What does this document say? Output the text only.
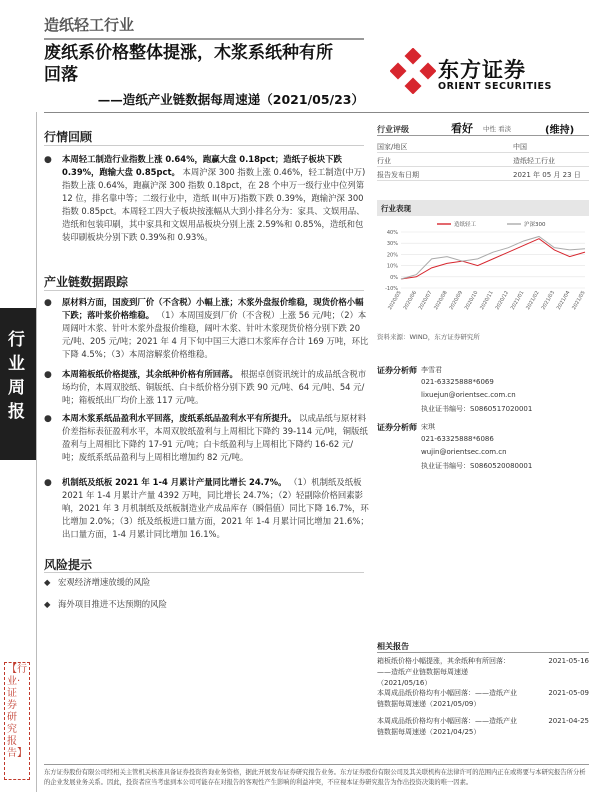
造纸轻工行业
废纸系价格整体提涨，木浆系纸种有所
回落
——造纸产业链数据每周速递（2021/05/23）
东方证券
ORIENT SECURITIES
行业周报
【行业·证券研究报告】
行情回顾
● 本周轻工制造行业指数上涨 0.64%，跑赢大盘 0.18pct；造纸子板块下跌 0.39%，跑输大盘 0.85pct。 本周沪深 300 指数上涨 0.46%，轻工制造(中万)指数上涨 0.64%，跑赢沪深 300 指数 0.18pct，在 28 个申万一级行业中位列第 12 位，排名靠中等；二级行业中，造纸 II(申万)指数下跌 0.39%，跑输沪深 300 指数 0.85pct。本周轻工四大子板块按涨幅从大到小排名分为：家具、文娱用品、造纸和包装印刷，其中家具和文娱用品板块分别上涨 2.59%和 0.85%，造纸和包装印刷板块分别下跌 0.39%和 0.93%。
产业链数据跟踪
● 原材料方面，国废到厂价（不含税）小幅上涨；木浆外盘报价维稳，现货价格小幅下跌；落叶浆价格维稳。 （1）本周国废到厂价（不含税）上涨 56 元/吨；（2）本周阔叶木浆、针叶木浆外盘报价维稳，阔叶木浆、针叶木浆现货价格分别下跌 20 元/吨、205 元/吨；2021 年 4 月下旬中国三大港口木浆库存合计 169 万吨，环比下降 4.5%；（3）本周溶解浆价格维稳。
● 本周箱板纸价格提涨，其余纸种价格有所回落。 根据卓创资讯统计的成品纸含税市场均价，本周双胶纸、铜版纸、白卡纸价格分别下跌 90 元/吨、64 元/吨、54 元/吨；箱板纸出厂均价上涨 117 元/吨。
● 本周木浆系纸品盈利水平回落，废纸系纸品盈利水平有所提升。 以成品纸与原材料价差指标表征盈利水平，本周双胶纸盈利与上周相比下降约 39-114 元/吨，铜版纸盈利与上周相比下降约 17-91 元/吨；白卡纸盈利与上周相比下降约 16-62 元/吨；废纸系纸品盈利与上周相比增加约 82 元/吨。
● 机制纸及纸板 2021 年 1-4 月累计产量同比增长 24.7%。 （1）机制纸及纸板 2021 年 1-4 月累计产量 4392 万吨，同比增长 24.7%；（2）轻副除价格回素影响，2021 年 3 月机制纸及纸板制造业产成品库存（瞬倡值）同比下降 16.7%，环比增加 2.0%；（3）纸及纸板进口量方面，2021 年 1-4 月累计同比增加 21.6%；出口量方面，1-4 月累计同比增加 16.1%。
风险提示
◆ 宏观经济增速放缓的风险
◆ 海外项目推进不达预期的风险
行业评级	看好 中性 看淡	(维持)
国家/地区	中国
行业	造纸轻工行业
报告发布日期	2021 年 05 月 23 日
行业表现
40%
30%
20%
10%
0%
-10%
2020/05 2020/06 2020/07 2020/08 2020/09 2020/10 2020/11 2020/12 2021/01 2021/02 2021/03 2021/04 2021/05
造纸轻工	沪深300
资料来源：WIND，东方证券研究所
证券分析师 李雪君
021-63325888*6069
lixuejun@orientsec.com.cn
执业证书编号：S0860517020001
证券分析师 宋琪
021-63325888*6086
wujin@orientsec.com.cn
执业证书编号：S0860520080001
相关报告
箱板纸价格小幅提涨，其余纸种有所回落：——造纸产业链数据每周速递（2021/05/16）
2021-05-16
本周成品纸价格均有小幅回落：——造纸产业链数据每周速递（2021/05/09）
2021-05-09
本周成品纸价格均有小幅回落：——造纸产业链数据每周速递（2021/04/25）
2021-04-25
东方证券股份有限公司经相关主管机关核准具备证券投资咨询业务资格，据此开展发布证券研究报告业务。东方证券股份有限公司及其关联机构在法律许可的范围内正在或将要与本研究报告所分析的企业发展业务关系。因此，投资者应当考虑到本公司可能存在对报告的客观性产生影响的利益冲突，不应视本证券研究报告为作出投资决策的唯一因素。
